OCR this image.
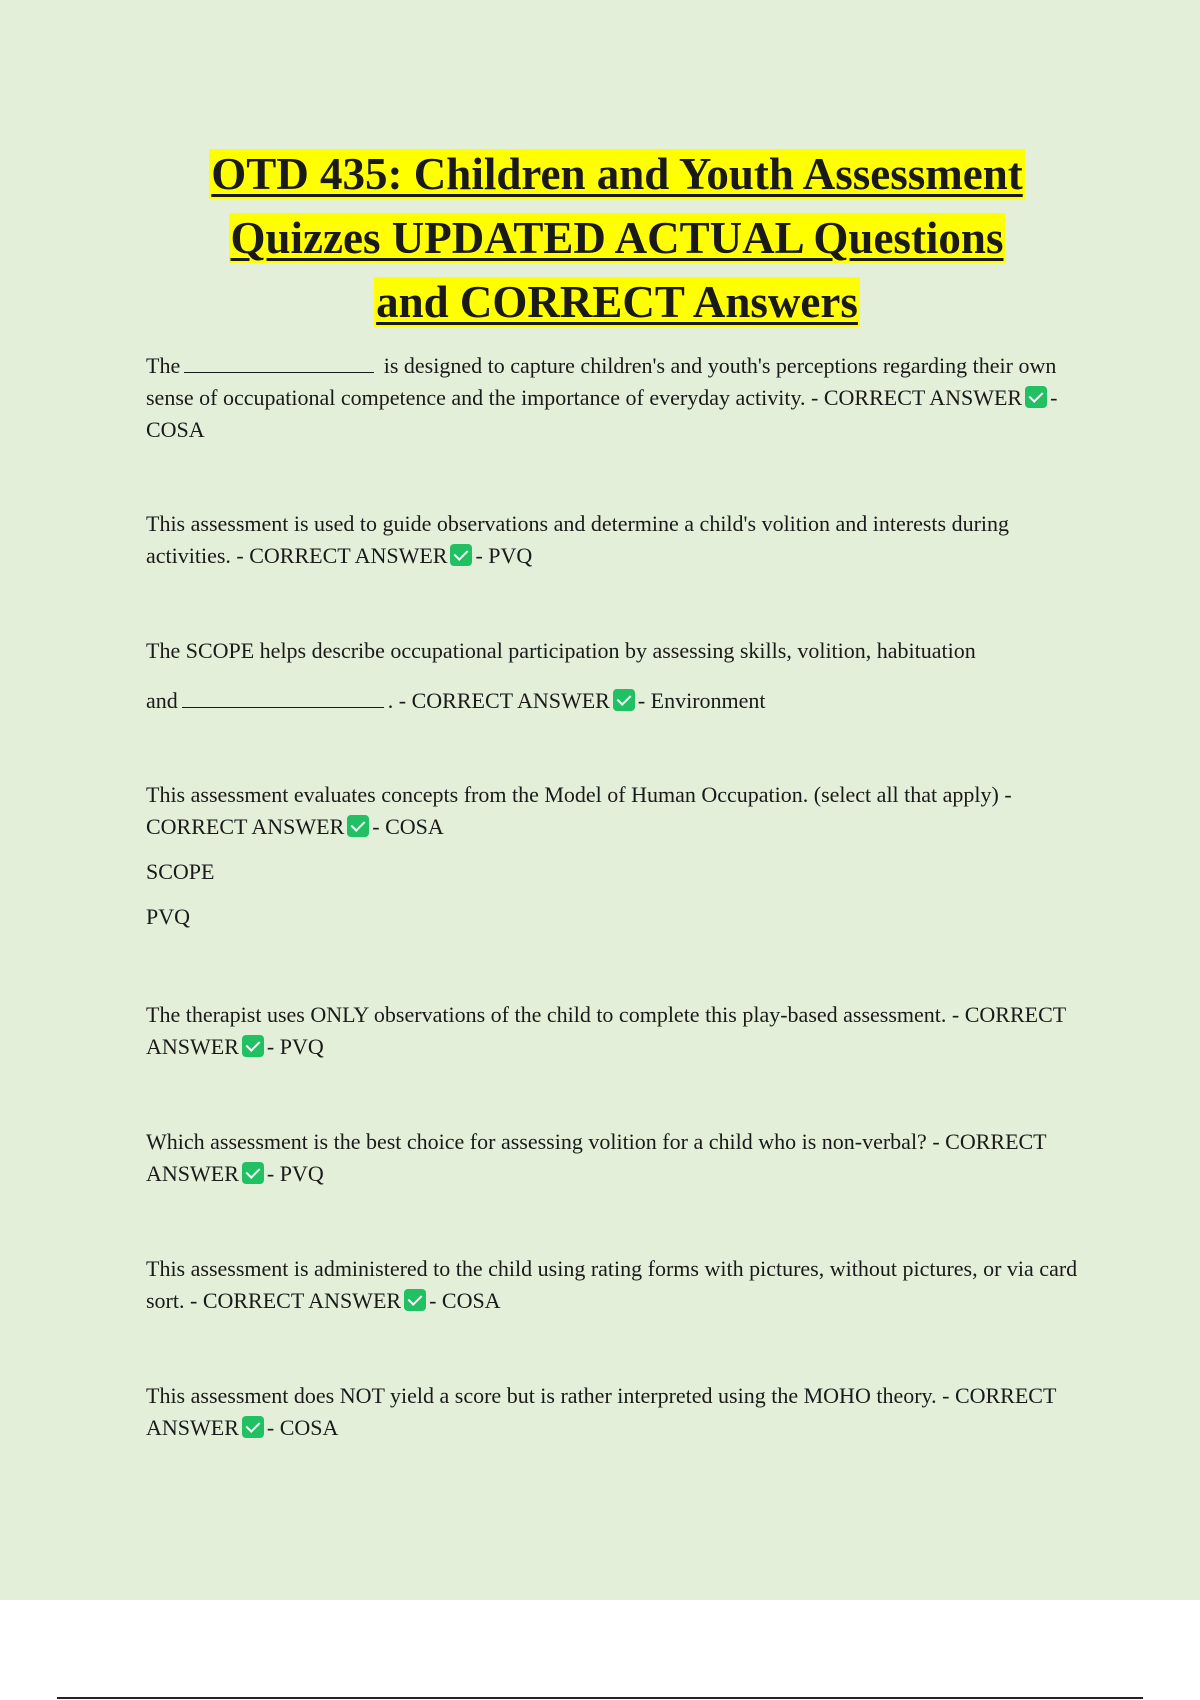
OTD 435: Children and Youth Assessment
Quizzes UPDATED ACTUAL Questions
and CORRECT Answers

The	is designed to capture children's and youth's perceptions regarding their own sense of occupational competence and the importance of everyday activity. - CORRECT ANSWER - COSA

This assessment is used to guide observations and determine a child's volition and interests during activities. - CORRECT ANSWER - PVQ

The SCOPE helps describe occupational participation by assessing skills, volition, habituation

and	. - CORRECT ANSWER - Environment

This assessment evaluates concepts from the Model of Human Occupation. (select all that apply) - CORRECT ANSWER - COSA

SCOPE

PVQ

The therapist uses ONLY observations of the child to complete this play-based assessment. - CORRECT ANSWER - PVQ

Which assessment is the best choice for assessing volition for a child who is non-verbal? - CORRECT ANSWER - PVQ

This assessment is administered to the child using rating forms with pictures, without pictures, or via card sort. - CORRECT ANSWER - COSA

This assessment does NOT yield a score but is rather interpreted using the MOHO theory. - CORRECT ANSWER - COSA
